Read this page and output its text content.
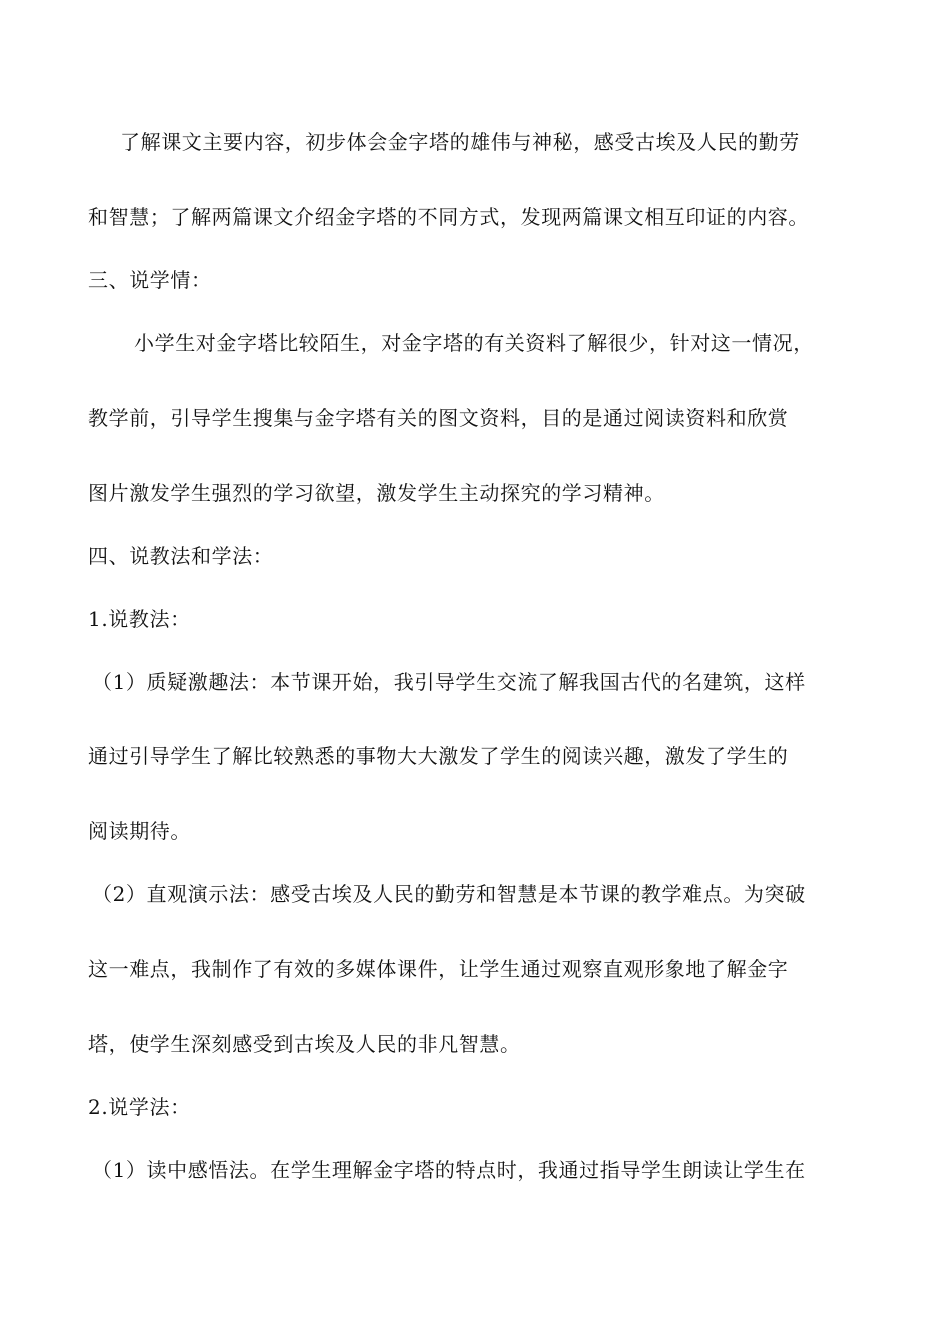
了解课文主要内容，初步体会金字塔的雄伟与神秘，感受古埃及人民的勤劳
和智慧；了解两篇课文介绍金字塔的不同方式，发现两篇课文相互印证的内容。
三、说学情：
小学生对金字塔比较陌生，对金字塔的有关资料了解很少，针对这一情况，
教学前，引导学生搜集与金字塔有关的图文资料，目的是通过阅读资料和欣赏
图片激发学生强烈的学习欲望，激发学生主动探究的学习精神。
四、说教法和学法：
1.说教法：
（1）质疑激趣法：本节课开始，我引导学生交流了解我国古代的名建筑，这样
通过引导学生了解比较熟悉的事物大大激发了学生的阅读兴趣，激发了学生的
阅读期待。
（2）直观演示法：感受古埃及人民的勤劳和智慧是本节课的教学难点。为突破
这一难点，我制作了有效的多媒体课件，让学生通过观察直观形象地了解金字
塔，使学生深刻感受到古埃及人民的非凡智慧。
2.说学法：
（1）读中感悟法。在学生理解金字塔的特点时，我通过指导学生朗读让学生在
